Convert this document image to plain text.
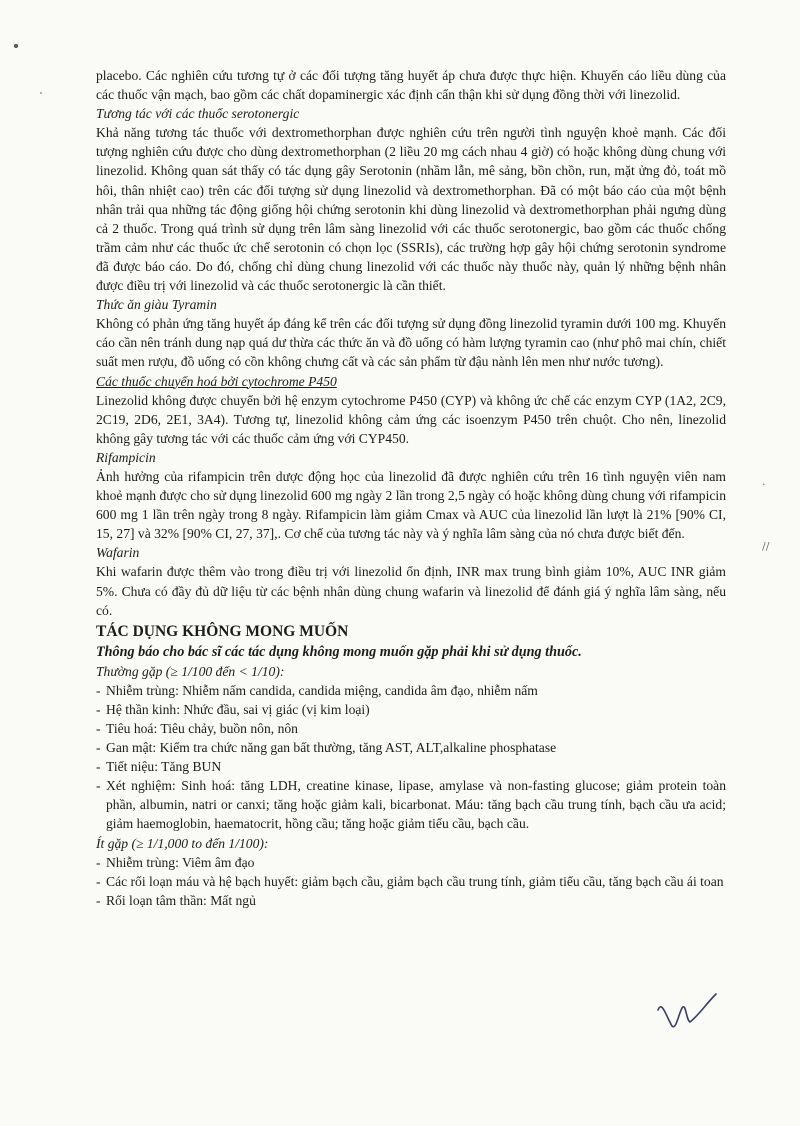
·
//

placebo. Các nghiên cứu tương tự ở các đối tượng tăng huyết áp chưa được thực hiện. Khuyến cáo liều dùng của các thuốc vận mạch, bao gồm các chất dopaminergic xác định cẩn thận khi sử dụng đồng thời với linezolid.

Tương tác với các thuốc serotonergic

Khả năng tương tác thuốc với dextromethorphan được nghiên cứu trên người tình nguyện khoẻ mạnh. Các đối tượng nghiên cứu được cho dùng dextromethorphan (2 liều 20 mg cách nhau 4 giờ) có hoặc không dùng chung với linezolid. Không quan sát thấy có tác dụng gây Serotonin (nhầm lẫn, mê sảng, bồn chồn, run, mặt ửng đỏ, toát mồ hôi, thân nhiệt cao) trên các đối tượng sử dụng linezolid và dextromethorphan. Đã có một báo cáo của một bệnh nhân trải qua những tác động giống hội chứng serotonin khi dùng linezolid và dextromethorphan phải ngưng dùng cả 2 thuốc. Trong quá trình sử dụng trên lâm sàng linezolid với các thuốc serotonergic, bao gồm các thuốc chống trầm cảm như các thuốc ức chế serotonin có chọn lọc (SSRIs), các trường hợp gây hội chứng serotonin syndrome đã được báo cáo. Do đó, chống chỉ dùng chung linezolid với các thuốc này thuốc này, quản lý những bệnh nhân được điều trị với linezolid và các thuốc serotonergic là cần thiết.

Thức ăn giàu Tyramin

Không có phản ứng tăng huyết áp đáng kể trên các đối tượng sử dụng đồng linezolid tyramin dưới 100 mg. Khuyến cáo cần nên tránh dung nạp quá dư thừa các thức ăn và đồ uống có hàm lượng tyramin cao (như phô mai chín, chiết suất men rượu, đồ uống có cồn không chưng cất và các sản phẩm từ đậu nành lên men như nước tương).

Các thuốc chuyển hoá bởi cytochrome P450

Linezolid không được chuyển bởi hệ enzym cytochrome P450 (CYP) và không ức chế các enzym CYP (1A2, 2C9, 2C19, 2D6, 2E1, 3A4). Tương tự, linezolid không cảm ứng các isoenzym P450 trên chuột. Cho nên, linezolid không gây tương tác với các thuốc cảm ứng với CYP450.

Rifampicin

Ảnh hưởng của rifampicin trên dược động học của linezolid đã được nghiên cứu trên 16 tình nguyện viên nam khoẻ mạnh được cho sử dụng linezolid 600 mg ngày 2 lần trong 2,5 ngày có hoặc không dùng chung với rifampicin 600 mg 1 lần trên ngày trong 8 ngày. Rifampicin làm giảm Cmax và AUC của linezolid lần lượt là 21% [90% CI, 15, 27] và 32% [90% CI, 27, 37],. Cơ chế của tương tác này và ý nghĩa lâm sàng của nó chưa được biết đến.

Wafarin

Khi wafarin được thêm vào trong điều trị với linezolid ổn định, INR max trung bình giảm 10%, AUC INR giảm 5%. Chưa có đầy đủ dữ liệu từ các bệnh nhân dùng chung wafarin và linezolid để đánh giá ý nghĩa lâm sàng, nếu có.

TÁC DỤNG KHÔNG MONG MUỐN

Thông báo cho bác sĩ các tác dụng không mong muốn gặp phải khi sử dụng thuốc.

Thường gặp (≥ 1/100 đến < 1/10):

- Nhiễm trùng: Nhiễm nấm candida, candida miệng, candida âm đạo, nhiễm nấm
- Hệ thần kinh: Nhức đầu, sai vị giác (vị kim loại)
- Tiêu hoá: Tiêu chảy, buồn nôn, nôn
- Gan mật: Kiểm tra chức năng gan bất thường, tăng AST, ALT,alkaline phosphatase
- Tiết niệu: Tăng BUN
- Xét nghiệm: Sinh hoá: tăng LDH, creatine kinase, lipase, amylase và non-fasting glucose; giảm protein toàn phần, albumin, natri or canxi; tăng hoặc giảm kali, bicarbonat. Máu: tăng bạch cầu trung tính, bạch cầu ưa acid; giảm haemoglobin, haematocrit, hồng cầu; tăng hoặc giảm tiểu cầu, bạch cầu.

Ít gặp (≥ 1/1,000 to đến 1/100):

- Nhiễm trùng: Viêm âm đạo
- Các rối loạn máu và hệ bạch huyết: giảm bạch cầu, giảm bạch cầu trung tính, giảm tiểu cầu, tăng bạch cầu ái toan
- Rối loạn tâm thần: Mất ngủ
